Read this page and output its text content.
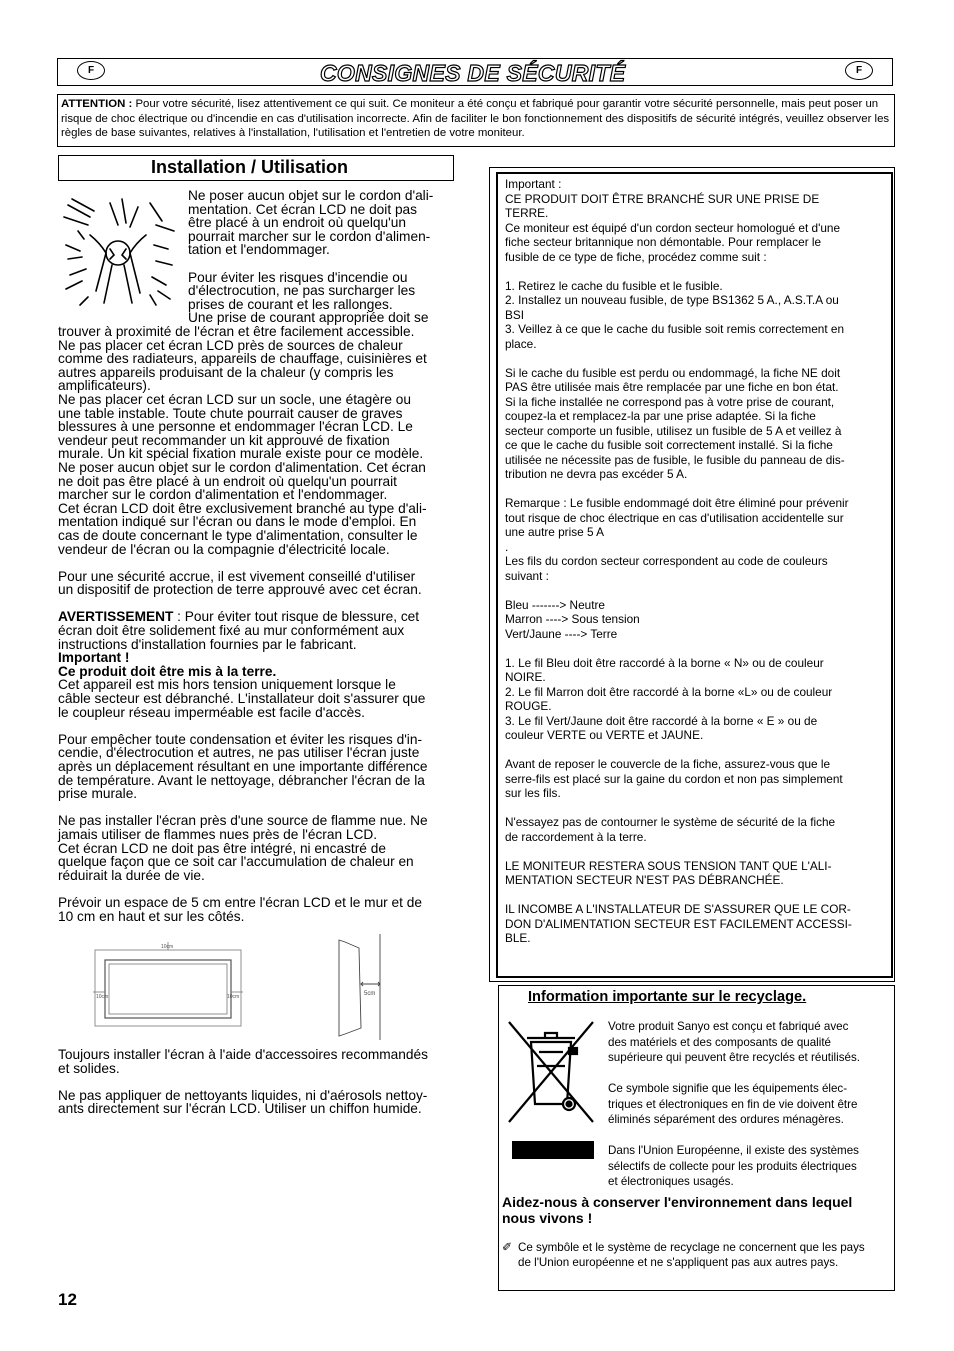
F	CONSIGNES DE SÉCURITÉ	F
ATTENTION : Pour votre sécurité, lisez attentivement ce qui suit. Ce moniteur a été conçu et fabriqué pour garantir votre sécurité personnelle, mais peut poser un risque de choc électrique ou d'incendie en cas d'utilisation incorrecte. Afin de faciliter le bon fonctionnement des dispositifs de sécurité intégrés, veuillez observer les règles de base suivantes, relatives à l'installation, l'utilisation et l'entretien de votre moniteur.
Installation / Utilisation

Ne poser aucun objet sur le cordon d'ali-

mentation. Cet écran LCD ne doit pas

être placé à un endroit où quelqu'un

pourrait marcher sur le cordon d'alimen-

tation et l'endommager.

Pour éviter les risques d'incendie ou

d'électrocution, ne pas surcharger les

prises de courant et les rallonges.

Une prise de courant appropriée doit se

trouver à proximité de l'écran et être facilement accessible.

Ne pas placer cet écran LCD près de sources de chaleur

comme des radiateurs, appareils de chauffage, cuisinières et

autres appareils produisant de la chaleur (y compris les

amplificateurs).

Ne pas placer cet écran LCD sur un socle, une étagère ou

une table instable. Toute chute pourrait causer de graves

blessures à une personne et endommager l'écran LCD. Le

vendeur peut recommander un kit approuvé de fixation

murale. Un kit spécial fixation murale existe pour ce modèle.

Ne poser aucun objet sur le cordon d'alimentation. Cet écran

ne doit pas être placé à un endroit où quelqu'un pourrait

marcher sur le cordon d'alimentation et l'endommager.

Cet écran LCD doit être exclusivement branché au type d'ali-

mentation indiqué sur l'écran ou dans le mode d'emploi. En

cas de doute concernant le type d'alimentation, consulter le

vendeur de l'écran ou la compagnie d'électricité locale.

Pour une sécurité accrue, il est vivement conseillé d'utiliser

un dispositif de protection de terre approuvé avec cet écran.

AVERTISSEMENT : Pour éviter tout risque de blessure, cet

écran doit être solidement fixé au mur conformément aux

instructions d'installation fournies par le fabricant.

Important !

Ce produit doit être mis à la terre.

Cet appareil est mis hors tension uniquement lorsque le

câble secteur est débranché. L'installateur doit s'assurer que

le coupleur réseau imperméable est facile d'accès.

Pour empêcher toute condensation et éviter les risques d'in-

cendie, d'électrocution et autres, ne pas utiliser l'écran juste

après un déplacement résultant en une importante différence

de température. Avant le nettoyage, débrancher l'écran de la

prise murale.

Ne pas installer l'écran près d'une source de flamme nue. Ne

jamais utiliser de flammes nues près de l'écran LCD.

Cet écran LCD ne doit pas être intégré, ni encastré de

quelque façon que ce soit car l'accumulation de chaleur en

réduirait la durée de vie.

Prévoir un espace de 5 cm entre l'écran LCD et le mur et de

10 cm en haut et sur les côtés.

10cm
10cm	10cm	5cm

Toujours installer l'écran à l'aide d'accessoires recommandés

et solides.

Ne pas appliquer de nettoyants liquides, ni d'aérosols nettoy-

ants directement sur l'écran LCD. Utiliser un chiffon humide.

Important :

CE PRODUIT DOIT ÊTRE BRANCHÉ SUR UNE PRISE DE

TERRE.

Ce moniteur est équipé d'un cordon secteur homologué et d'une

fiche secteur britannique non démontable. Pour remplacer le

fusible de ce type de fiche, procédez comme suit :

1. Retirez le cache du fusible et le fusible.

2. Installez un nouveau fusible, de type BS1362 5 A., A.S.T.A ou

BSI

3. Veillez à ce que le cache du fusible soit remis correctement en

place.

Si le cache du fusible est perdu ou endommagé, la fiche NE doit

PAS être utilisée mais être remplacée par une fiche en bon état.

Si la fiche installée ne correspond pas à votre prise de courant,

coupez-la et remplacez-la par une prise adaptée. Si la fiche

secteur comporte un fusible, utilisez un fusible de 5 A et veillez à

ce que le cache du fusible soit correctement installé. Si la fiche

utilisée ne nécessite pas de fusible, le fusible du panneau de dis-

tribution ne devra pas excéder 5 A.

Remarque : Le fusible endommagé doit être éliminé pour prévenir

tout risque de choc électrique en cas d'utilisation accidentelle sur

une autre prise 5 A

.

Les fils du cordon secteur correspondent au code de couleurs

suivant :

Bleu -------> Neutre

Marron ----> Sous tension

Vert/Jaune ----> Terre

1. Le fil Bleu doit être raccordé à la borne « N» ou de couleur

NOIRE.

2. Le fil Marron doit être raccordé à la borne «L» ou de couleur

ROUGE.

3. Le fil Vert/Jaune doit être raccordé à la borne « E » ou de

couleur VERTE ou VERTE et JAUNE.

Avant de reposer le couvercle de la fiche, assurez-vous que le

serre-fils est placé sur la gaine du cordon et non pas simplement

sur les fils.

N'essayez pas de contourner le système de sécurité de la fiche

de raccordement à la terre.

LE MONITEUR RESTERA SOUS TENSION TANT QUE L'ALI-

MENTATION SECTEUR N'EST PAS DÉBRANCHÉE.

IL INCOMBE A L'INSTALLATEUR DE S'ASSURER QUE LE COR-

DON D'ALIMENTATION SECTEUR EST FACILEMENT ACCESSI-

BLE.

Information importante sur le recyclage.

Votre produit Sanyo est conçu et fabriqué avec

des matériels et des composants de qualité

supérieure qui peuvent être recyclés et réutilisés.

Ce symbole signifie que les équipements élec-

triques et électroniques en fin de vie doivent être

éliminés séparément des ordures ménagères.

Dans l'Union Européenne, il existe des systèmes

sélectifs de collecte pour les produits électriques

et électroniques usagés.

Aidez-nous à conserver l'environnement dans lequel nous vivons !
✐ Ce symbôle et le système de recyclage ne concernent que les pays de l'Union européenne et ne s'appliquent pas aux autres pays.
12
